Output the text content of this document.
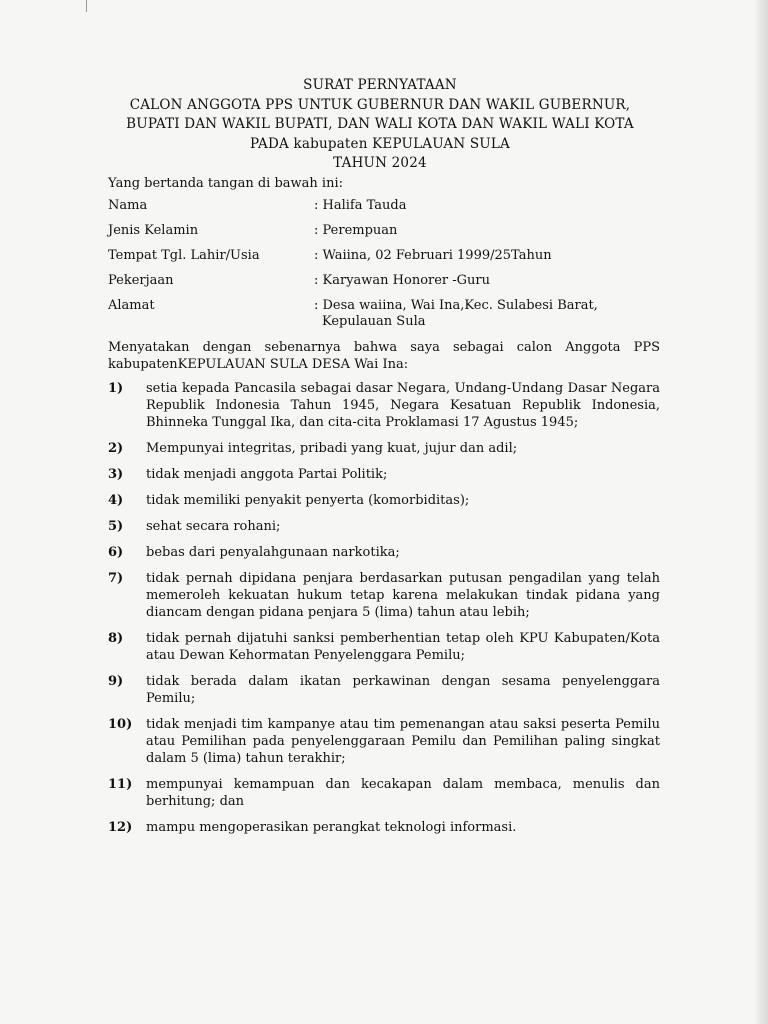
SURAT PERNYATAAN
CALON ANGGOTA PPS UNTUK GUBERNUR DAN WAKIL GUBERNUR,
BUPATI DAN WAKIL BUPATI, DAN WALI KOTA DAN WAKIL WALI KOTA
PADA kabupaten KEPULAUAN SULA
TAHUN 2024
Yang bertanda tangan di bawah ini:
Nama	: Halifa Tauda
Jenis Kelamin	: Perempuan
Tempat Tgl. Lahir/Usia	: Waiina, 02 Februari 1999/25Tahun
Pekerjaan	: Karyawan Honorer -Guru
Alamat	: Desa waiina, Wai Ina,Kec. Sulabesi Barat,
Kepulauan Sula
Menyatakan dengan sebenarnya bahwa saya sebagai calon Anggota PPS kabupatenKEPULAUAN SULA DESA Wai Ina:
1) setia kepada Pancasila sebagai dasar Negara, Undang-Undang Dasar Negara Republik Indonesia Tahun 1945, Negara Kesatuan Republik Indonesia, Bhinneka Tunggal Ika, dan cita-cita Proklamasi 17 Agustus 1945;
2) Mempunyai integritas, pribadi yang kuat, jujur dan adil;
3) tidak menjadi anggota Partai Politik;
4) tidak memiliki penyakit penyerta (komorbiditas);
5) sehat secara rohani;
6) bebas dari penyalahgunaan narkotika;
7) tidak pernah dipidana penjara berdasarkan putusan pengadilan yang telah memeroleh kekuatan hukum tetap karena melakukan tindak pidana yang diancam dengan pidana penjara 5 (lima) tahun atau lebih;
8) tidak pernah dijatuhi sanksi pemberhentian tetap oleh KPU Kabupaten/Kota atau Dewan Kehormatan Penyelenggara Pemilu;
9) tidak berada dalam ikatan perkawinan dengan sesama penyelenggara Pemilu;
10) tidak menjadi tim kampanye atau tim pemenangan atau saksi peserta Pemilu atau Pemilihan pada penyelenggaraan Pemilu dan Pemilihan paling singkat dalam 5 (lima) tahun terakhir;
11) mempunyai kemampuan dan kecakapan dalam membaca, menulis dan berhitung; dan
12) mampu mengoperasikan perangkat teknologi informasi.
